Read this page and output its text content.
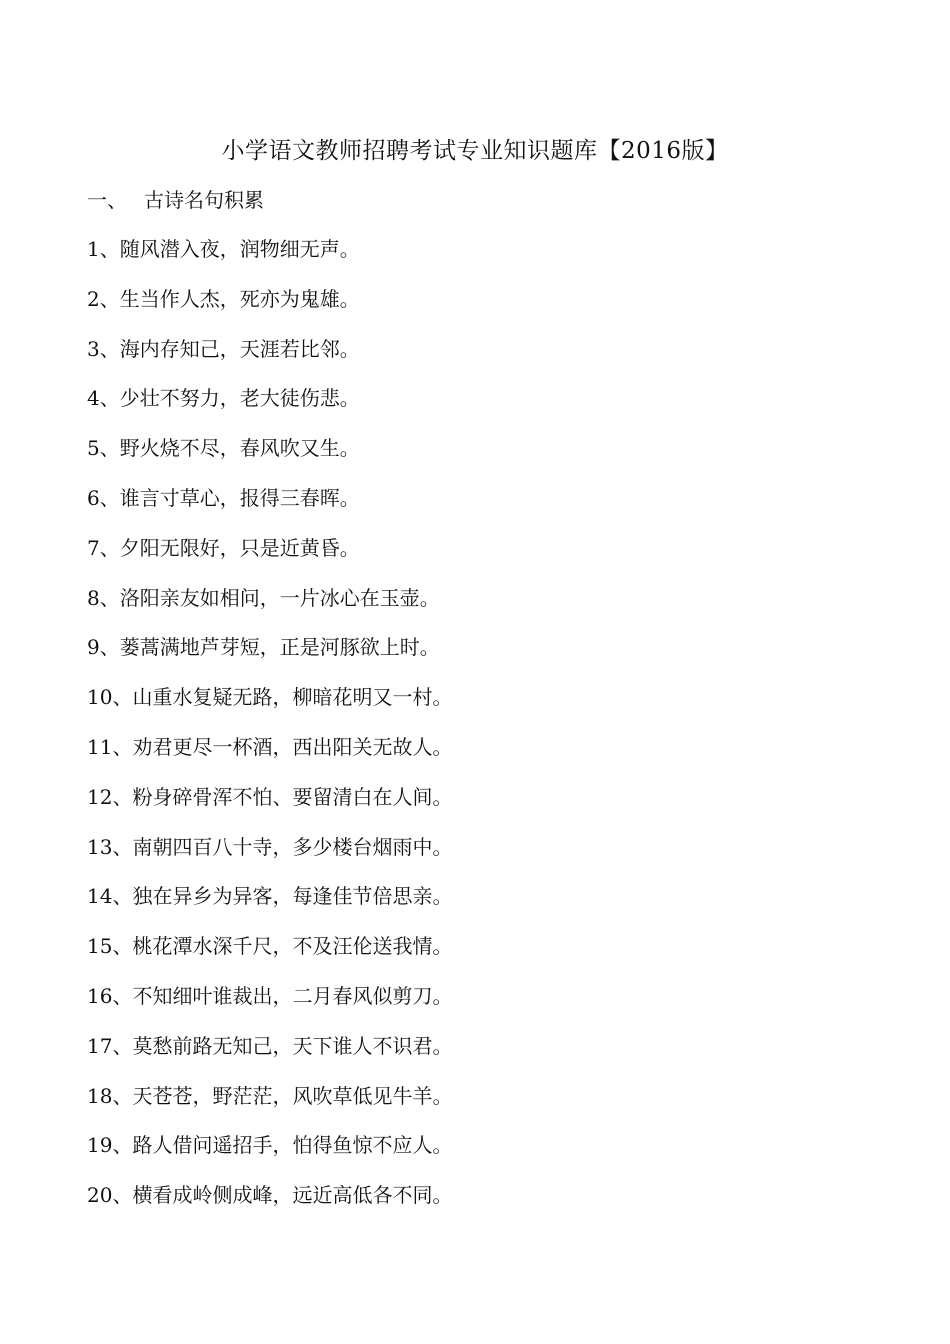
小学语文教师招聘考试专业知识题库【2016版】
一、 古诗名句积累
1、随风潜入夜，润物细无声。
2、生当作人杰，死亦为鬼雄。
3、海内存知己，天涯若比邻。
4、少壮不努力，老大徒伤悲。
5、野火烧不尽，春风吹又生。
6、谁言寸草心，报得三春晖。
7、夕阳无限好，只是近黄昏。
8、洛阳亲友如相问，一片冰心在玉壶。
9、蒌蒿满地芦芽短，正是河豚欲上时。
10、山重水复疑无路，柳暗花明又一村。
11、劝君更尽一杯酒，西出阳关无故人。
12、粉身碎骨浑不怕、要留清白在人间。
13、南朝四百八十寺，多少楼台烟雨中。
14、独在异乡为异客，每逢佳节倍思亲。
15、桃花潭水深千尺，不及汪伦送我情。
16、不知细叶谁裁出，二月春风似剪刀。
17、莫愁前路无知己，天下谁人不识君。
18、天苍苍，野茫茫，风吹草低见牛羊。
19、路人借问遥招手，怕得鱼惊不应人。
20、横看成岭侧成峰，远近高低各不同。
